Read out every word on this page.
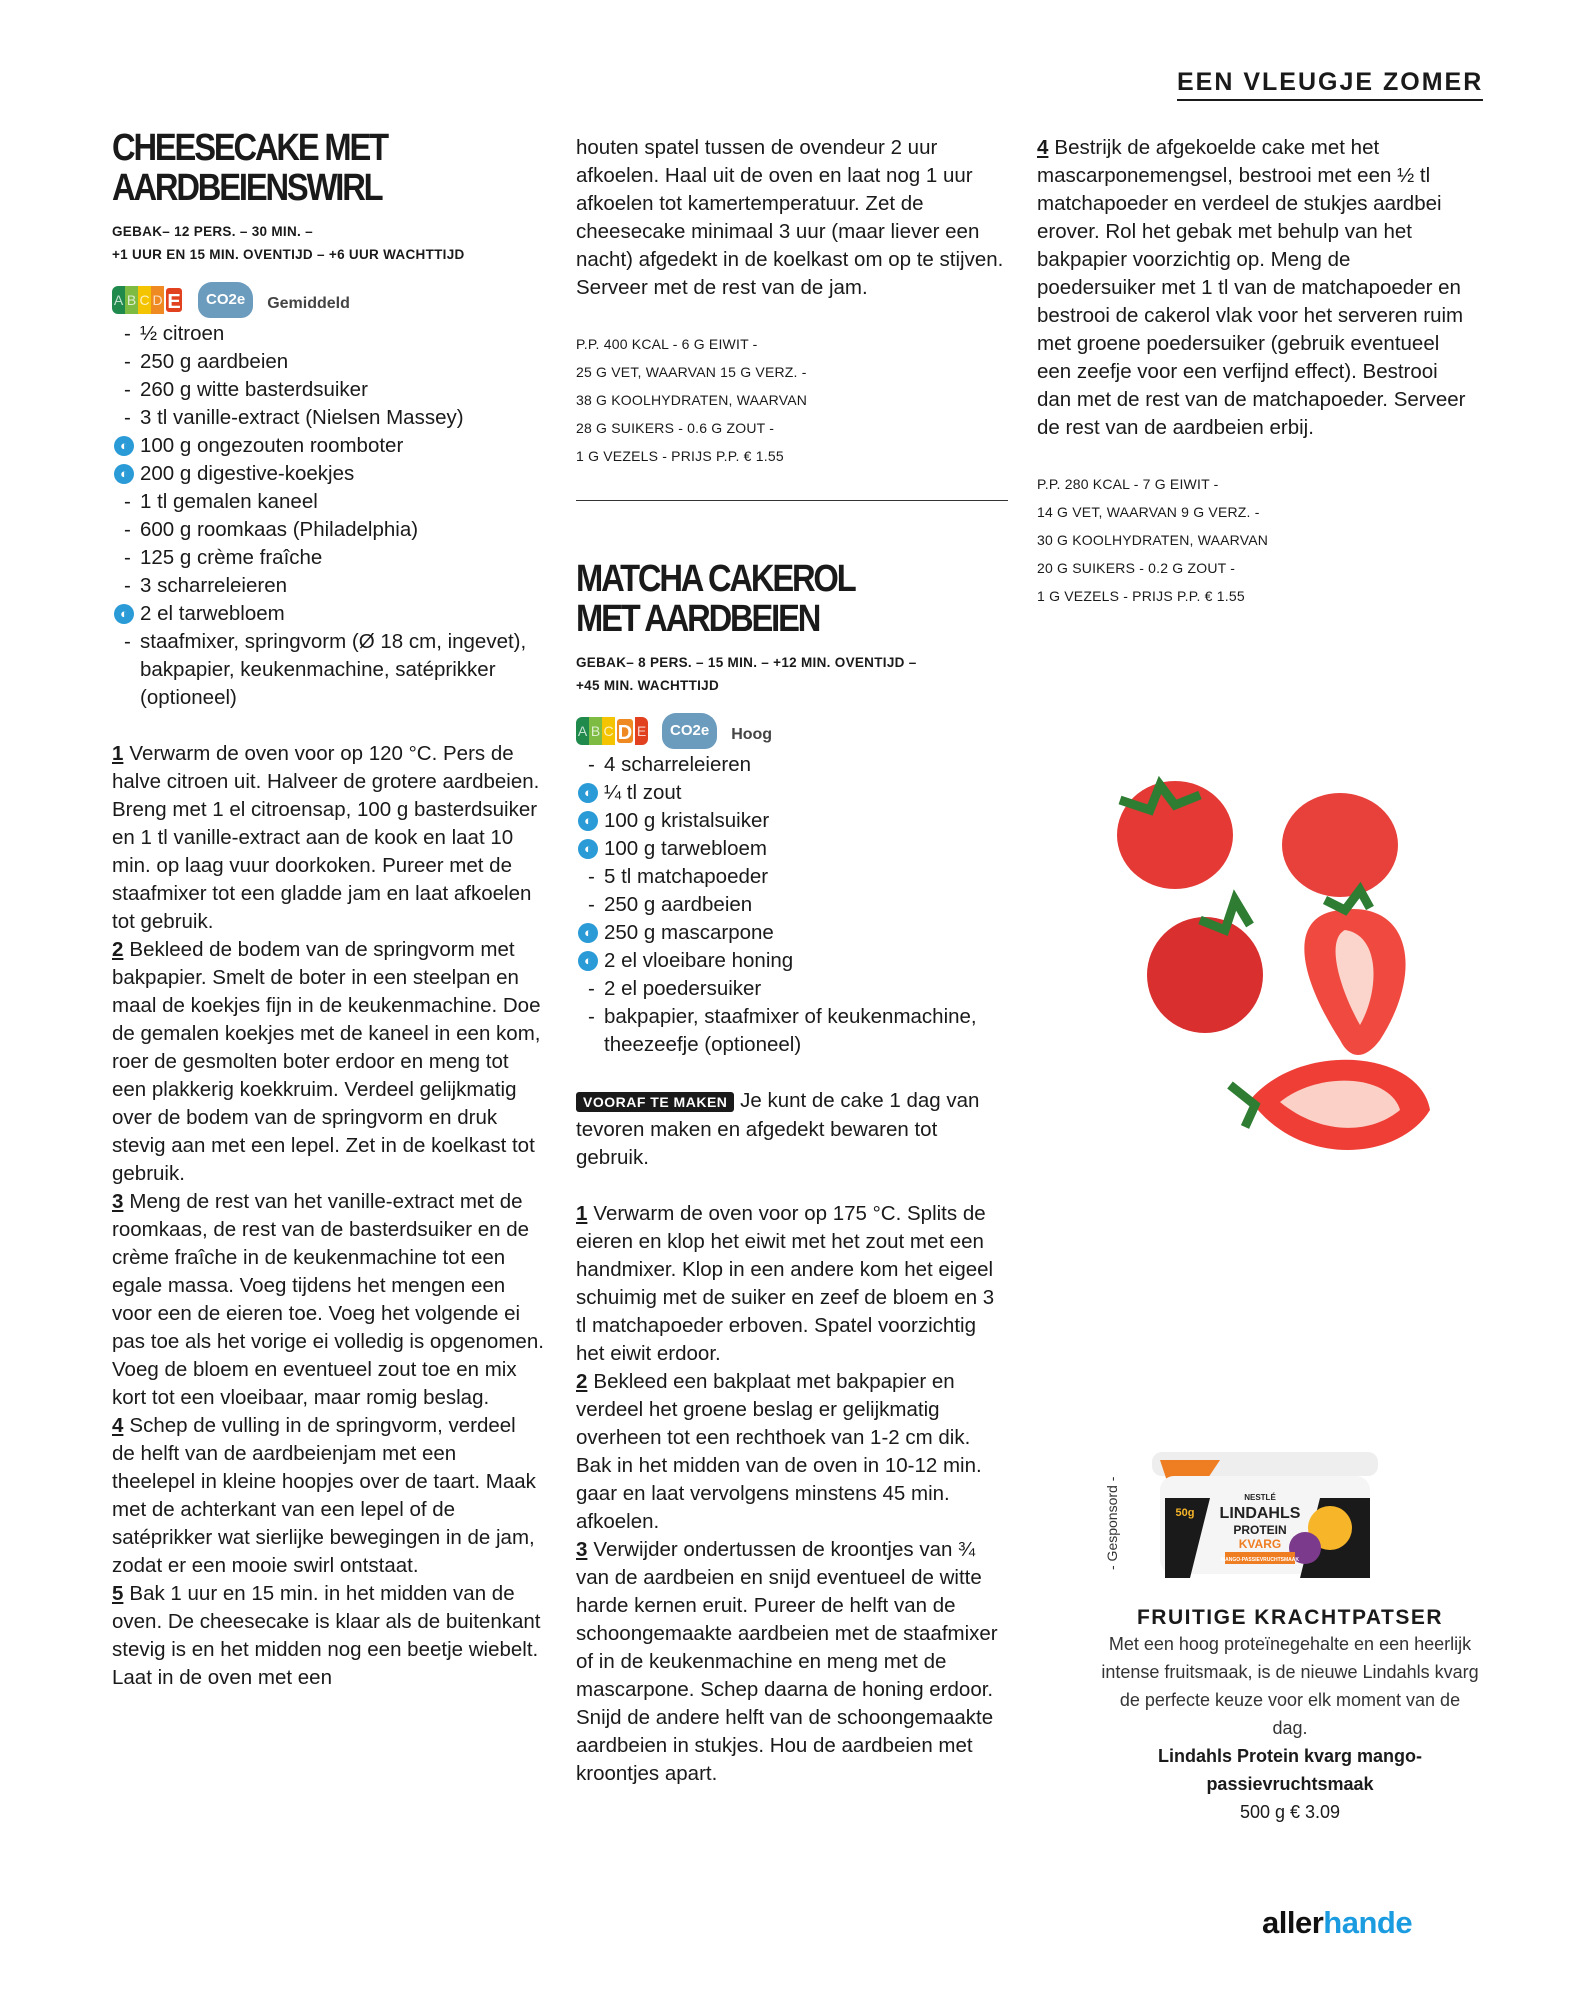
EEN VLEUGJE ZOMER
CHEESECAKE MET
AARDBEIENSWIRL
GEBAK– 12 PERS. – 30 MIN. –
+1 UUR EN 15 MIN. OVENTIJD – +6 UUR WACHTTIJD
A B C D E	CO2e	Gemiddeld
- ½ citroen
- 250 g aardbeien
- 260 g witte basterdsuiker
- 3 tl vanille-extract (Nielsen Massey)
◐ 100 g ongezouten roomboter
◐ 200 g digestive-koekjes
- 1 tl gemalen kaneel
- 600 g roomkaas (Philadelphia)
- 125 g crème fraîche
- 3 scharreleieren
◐ 2 el tarwebloem
- staafmixer, springvorm (Ø 18 cm, ingevet), bakpapier, keukenmachine, satéprikker (optioneel)

1 Verwarm de oven voor op 120 °C. Pers de halve citroen uit. Halveer de grotere aardbeien. Breng met 1 el citroensap, 100 g basterdsuiker en 1 tl vanille-extract aan de kook en laat 10 min. op laag vuur doorkoken. Pureer met de staafmixer tot een gladde jam en laat afkoelen tot gebruik.

2 Bekleed de bodem van de springvorm met bakpapier. Smelt de boter in een steelpan en maal de koekjes fijn in de keukenmachine. Doe de gemalen koekjes met de kaneel in een kom, roer de gesmolten boter erdoor en meng tot een plakkerig koekkruim. Verdeel gelijkmatig over de bodem van de springvorm en druk stevig aan met een lepel. Zet in de koelkast tot gebruik.

3 Meng de rest van het vanille-extract met de roomkaas, de rest van de basterdsuiker en de crème fraîche in de keukenmachine tot een egale massa. Voeg tijdens het mengen een voor een de eieren toe. Voeg het volgende ei pas toe als het vorige ei volledig is opgenomen. Voeg de bloem en eventueel zout toe en mix kort tot een vloeibaar, maar romig beslag.

4 Schep de vulling in de springvorm, verdeel de helft van de aardbeienjam met een theelepel in kleine hoopjes over de taart. Maak met de achterkant van een lepel of de satéprikker wat sierlijke bewegingen in de jam, zodat er een mooie swirl ontstaat.

5 Bak 1 uur en 15 min. in het midden van de oven. De cheesecake is klaar als de buitenkant stevig is en het midden nog een beetje wiebelt. Laat in de oven met een

houten spatel tussen de ovendeur 2 uur afkoelen. Haal uit de oven en laat nog 1 uur afkoelen tot kamertemperatuur. Zet de cheesecake minimaal 3 uur (maar liever een nacht) afgedekt in de koelkast om op te stijven. Serveer met de rest van de jam.

P.P. 400 KCAL - 6 G EIWIT -
25 G VET, WAARVAN 15 G VERZ. -
38 G KOOLHYDRATEN, WAARVAN
28 G SUIKERS - 0.6 G ZOUT -
1 G VEZELS - PRIJS P.P. € 1.55
MATCHA CAKEROL
MET AARDBEIEN
GEBAK– 8 PERS. – 15 MIN. – +12 MIN. OVENTIJD –
+45 MIN. WACHTTIJD
A B C D E	CO2e	Hoog
- 4 scharreleieren
◐ ¼ tl zout
◐ 100 g kristalsuiker
◐ 100 g tarwebloem
- 5 tl matchapoeder
- 250 g aardbeien
◐ 250 g mascarpone
◐ 2 el vloeibare honing
- 2 el poedersuiker
- bakpapier, staafmixer of keukenmachine, theezeefje (optioneel)

VOORAF TE MAKEN Je kunt de cake 1 dag van tevoren maken en afgedekt bewaren tot gebruik.

1 Verwarm de oven voor op 175 °C. Splits de eieren en klop het eiwit met het zout met een handmixer. Klop in een andere kom het eigeel schuimig met de suiker en zeef de bloem en 3 tl matchapoeder erboven. Spatel voorzichtig het eiwit erdoor.

2 Bekleed een bakplaat met bakpapier en verdeel het groene beslag er gelijkmatig overheen tot een rechthoek van 1-2 cm dik. Bak in het midden van de oven in 10-12 min. gaar en laat vervolgens minstens 45 min. afkoelen.

3 Verwijder ondertussen de kroontjes van ¾ van de aardbeien en snijd eventueel de witte harde kernen eruit. Pureer de helft van de schoongemaakte aardbeien met de staafmixer of in de keukenmachine en meng met de mascarpone. Schep daarna de honing erdoor. Snijd de andere helft van de schoongemaakte aardbeien in stukjes. Hou de aardbeien met kroontjes apart.

4 Bestrijk de afgekoelde cake met het mascarponemengsel, bestrooi met een ½ tl matchapoeder en verdeel de stukjes aardbei erover. Rol het gebak met behulp van het bakpapier voorzichtig op. Meng de poedersuiker met 1 tl van de matchapoeder en bestrooi de cakerol vlak voor het serveren ruim met groene poedersuiker (gebruik eventueel een zeefje voor een verfijnd effect). Bestrooi dan met de rest van de matchapoeder. Serveer de rest van de aardbeien erbij.

P.P. 280 KCAL - 7 G EIWIT -
14 G VET, WAARVAN 9 G VERZ. -
30 G KOOLHYDRATEN, WAARVAN
20 G SUIKERS - 0.2 G ZOUT -
1 G VEZELS - PRIJS P.P. € 1.55
- Gesponsord -	NESTLÉ
LINDAHLS
PROTEIN
KVARG
MANGO-PASSIEVRUCHTSMAAK
50g
FRUITIGE KRACHTPATSER
Met een hoog proteïnegehalte en een heerlijk intense fruitsmaak, is de nieuwe Lindahls kvarg de perfecte keuze voor elk moment van de dag.
Lindahls Protein kvarg mango-passievruchtsmaak
500 g € 3.09
allerhande
